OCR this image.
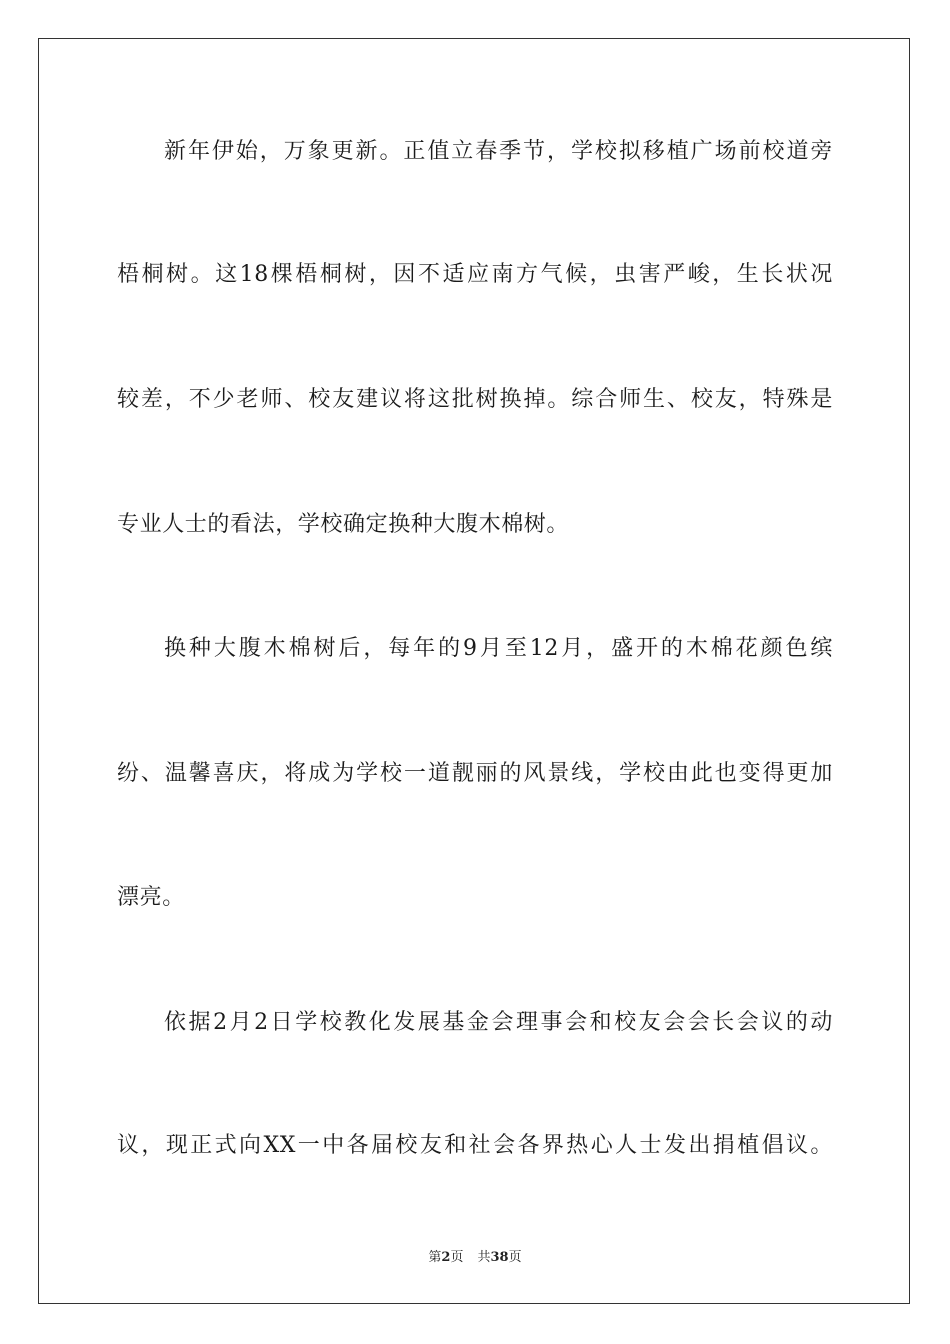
新年伊始，万象更新。正值立春季节，学校拟移植广场前校道旁
梧桐树。这18棵梧桐树，因不适应南方气候，虫害严峻，生长状况
较差，不少老师、校友建议将这批树换掉。综合师生、校友，特殊是
专业人士的看法，学校确定换种大腹木棉树。
换种大腹木棉树后，每年的9月至12月，盛开的木棉花颜色缤
纷、温馨喜庆，将成为学校一道靓丽的风景线，学校由此也变得更加
漂亮。
依据2月2日学校教化发展基金会理事会和校友会会长会议的动
议，现正式向XX一中各届校友和社会各界热心人士发出捐植倡议。
第2页 共38页
